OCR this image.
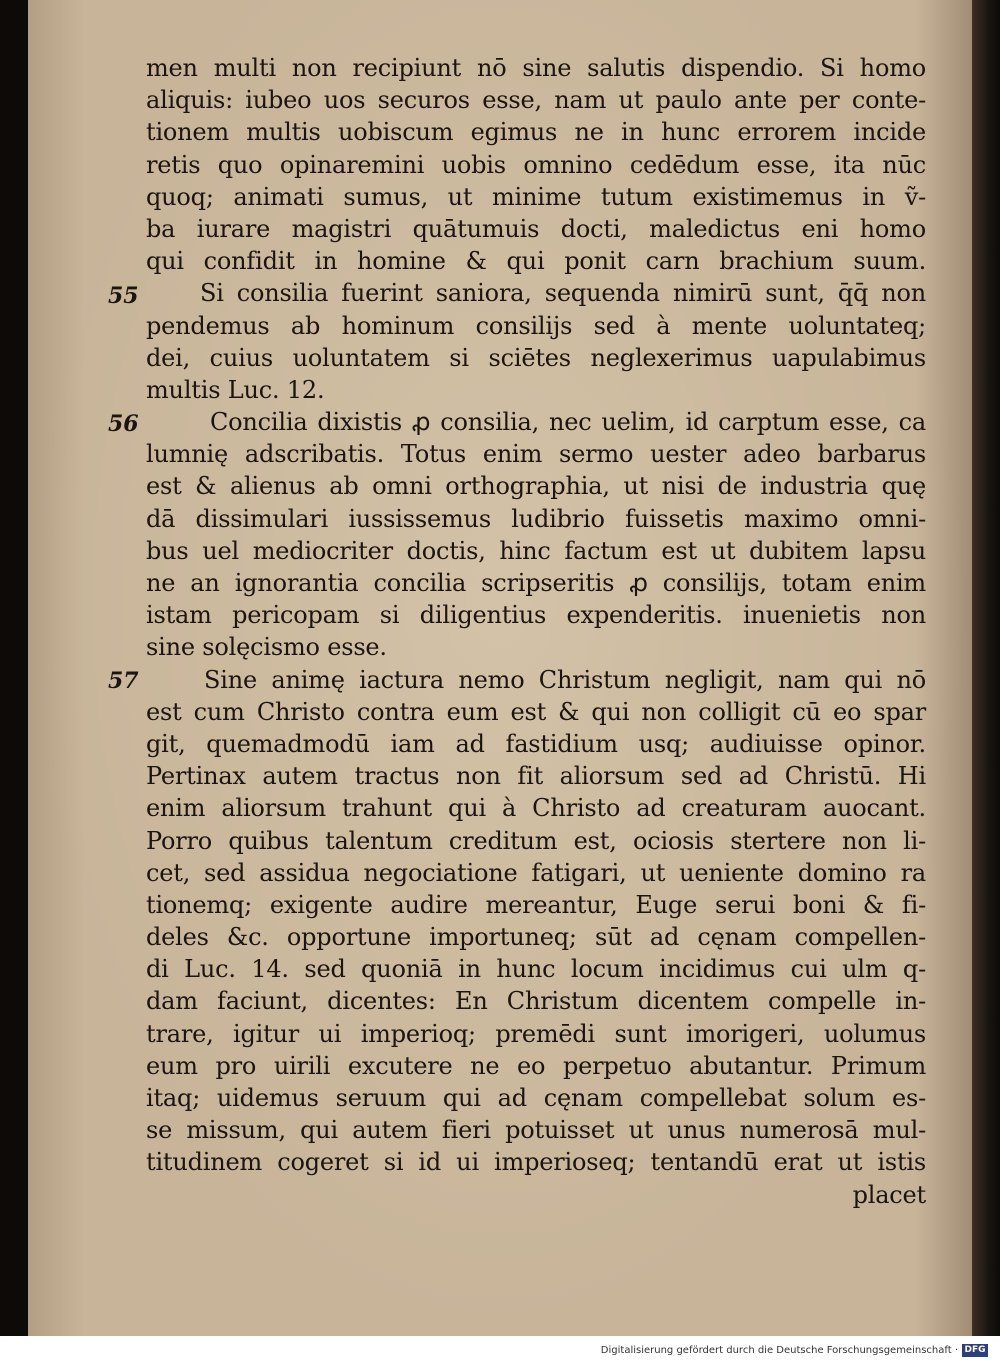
55
56
57
men multi non recipiunt nō sine salutis dispendio. Si homo
aliquis: iubeo uos securos esse, nam ut paulo ante per conte-
tionem multis uobiscum egimus ne in hunc errorem incide
retis quo opinaremini uobis omnino cedēdum esse, ita nūc
quoq; animati sumus, ut minime tutum existimemus in ṽ-
ba iurare magistri quātumuis docti, maledictus eni homo
qui confidit in homine & qui ponit carn brachium suum.
Si consilia fuerint saniora, sequenda nimirū sunt, q̄q̄ non
pendemus ab hominum consilijs sed à mente uoluntateq;
dei, cuius uoluntatem si sciētes neglexerimus uapulabimus
multis Luc. 12.
Concilia dixistis ꝓ consilia, nec uelim, id carptum esse, ca
lumnię adscribatis. Totus enim sermo uester adeo barbarus
est & alienus ab omni orthographia, ut nisi de industria quę
dā dissimulari iussissemus ludibrio fuissetis maximo omni-
bus uel mediocriter doctis, hinc factum est ut dubitem lapsu
ne an ignorantia concilia scripseritis ꝓ consilijs, totam enim
istam pericopam si diligentius expenderitis. inuenietis non
sine solęcismo esse.
Sine animę iactura nemo Christum negligit, nam qui nō
est cum Christo contra eum est & qui non colligit cū eo spar
git, quemadmodū iam ad fastidium usq; audiuisse opinor.
Pertinax autem tractus non fit aliorsum sed ad Christū. Hi
enim aliorsum trahunt qui à Christo ad creaturam auocant.
Porro quibus talentum creditum est, ociosis stertere non li-
cet, sed assidua negociatione fatigari, ut ueniente domino ra
tionemq; exigente audire mereantur, Euge serui boni & fi-
deles &c. opportune importuneq; sūt ad cęnam compellen-
di Luc. 14. sed quoniā in hunc locum incidimus cui ulm q-
dam faciunt, dicentes: En Christum dicentem compelle in-
trare, igitur ui imperioq; premēdi sunt imorigeri, uolumus
eum pro uirili excutere ne eo perpetuo abutantur. Primum
itaq; uidemus seruum qui ad cęnam compellebat solum es-
se missum, qui autem fieri potuisset ut unus numerosā mul-
titudinem cogeret si id ui imperioseq; tentandū erat ut istis
placet
Digitalisierung gefördert durch die Deutsche Forschungsgemeinschaft · DFG
